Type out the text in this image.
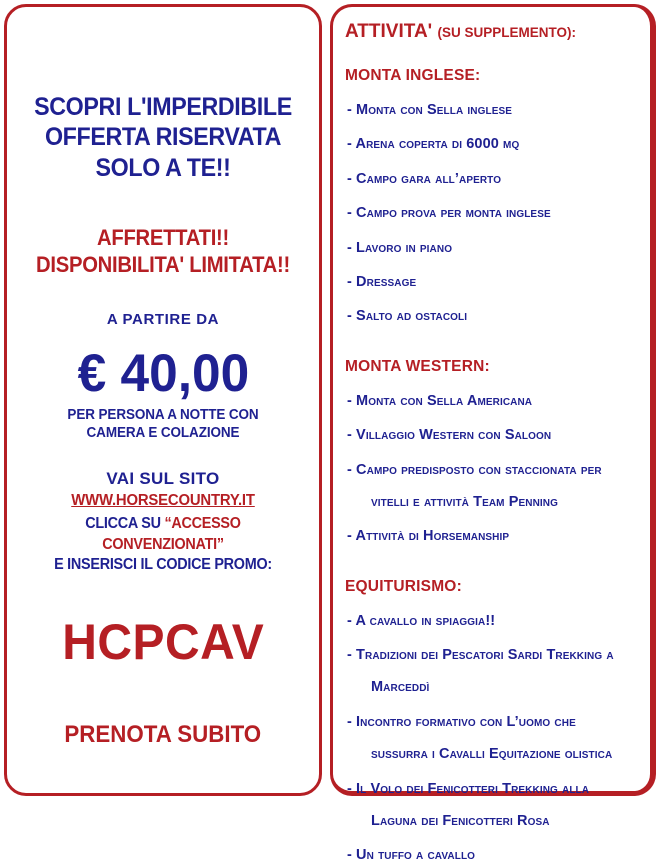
SCOPRI L'IMPERDIBILE
OFFERTA RISERVATA
SOLO A TE!!
AFFRETTATI!!
DISPONIBILITA' LIMITATA!!
A PARTIRE DA
€ 40,00
PER PERSONA A NOTTE CON
CAMERA E COLAZIONE
VAI SUL SITO
WWW.HORSECOUNTRY.IT
CLICCA SU “ACCESSO CONVENZIONATI”
E INSERISCI IL CODICE PROMO:
HCPCAV
PRENOTA SUBITO
ATTIVITA' (SU SUPPLEMENTO):
MONTA INGLESE:
- Monta con Sella inglese
- Arena coperta di 6000 mq
- Campo gara all’aperto
- Campo prova per monta inglese
- Lavoro in piano
- Dressage
- Salto ad ostacoli
MONTA WESTERN:
- Monta con Sella Americana
- Villaggio Western con Saloon
- Campo predisposto con staccionata per
vitelli e attività Team Penning
- Attività di Horsemanship
EQUITURISMO:
- A cavallo in spiaggia!!
- Tradizioni dei Pescatori Sardi Trekking a
Marceddì
- Incontro formativo con L’uomo che
sussurra i Cavalli Equitazione olistica
- Il Volo dei Fenicotteri Trekking alla
Laguna dei Fenicotteri Rosa
- Un tuffo a cavallo
